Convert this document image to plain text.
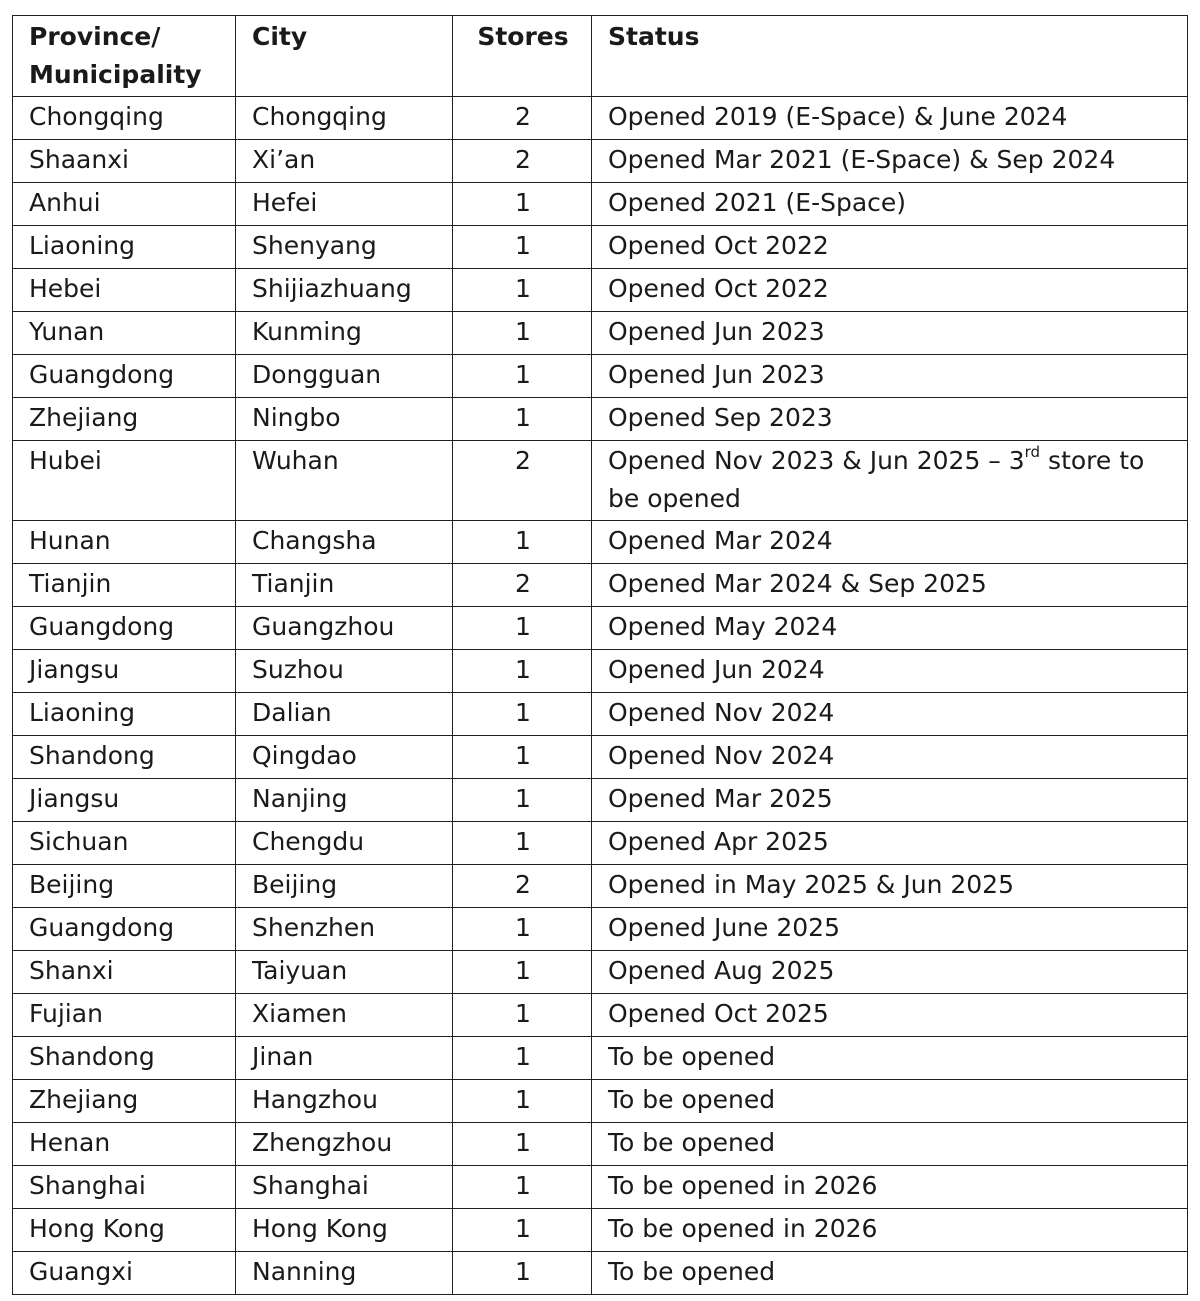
Province/ Municipality	City	Stores	Status
Chongqing	Chongqing	2	Opened 2019 (E-Space) & June 2024
Shaanxi	Xi’an	2	Opened Mar 2021 (E-Space) & Sep 2024
Anhui	Hefei	1	Opened 2021 (E-Space)
Liaoning	Shenyang	1	Opened Oct 2022
Hebei	Shijiazhuang	1	Opened Oct 2022
Yunan	Kunming	1	Opened Jun 2023
Guangdong	Dongguan	1	Opened Jun 2023
Zhejiang	Ningbo	1	Opened Sep 2023
Hubei	Wuhan	2	Opened Nov 2023 & Jun 2025 – 3rd store to be opened
Hunan	Changsha	1	Opened Mar 2024
Tianjin	Tianjin	2	Opened Mar 2024 & Sep 2025
Guangdong	Guangzhou	1	Opened May 2024
Jiangsu	Suzhou	1	Opened Jun 2024
Liaoning	Dalian	1	Opened Nov 2024
Shandong	Qingdao	1	Opened Nov 2024
Jiangsu	Nanjing	1	Opened Mar 2025
Sichuan	Chengdu	1	Opened Apr 2025
Beijing	Beijing	2	Opened in May 2025 & Jun 2025
Guangdong	Shenzhen	1	Opened June 2025
Shanxi	Taiyuan	1	Opened Aug 2025
Fujian	Xiamen	1	Opened Oct 2025
Shandong	Jinan	1	To be opened
Zhejiang	Hangzhou	1	To be opened
Henan	Zhengzhou	1	To be opened
Shanghai	Shanghai	1	To be opened in 2026
Hong Kong	Hong Kong	1	To be opened in 2026
Guangxi	Nanning	1	To be opened
